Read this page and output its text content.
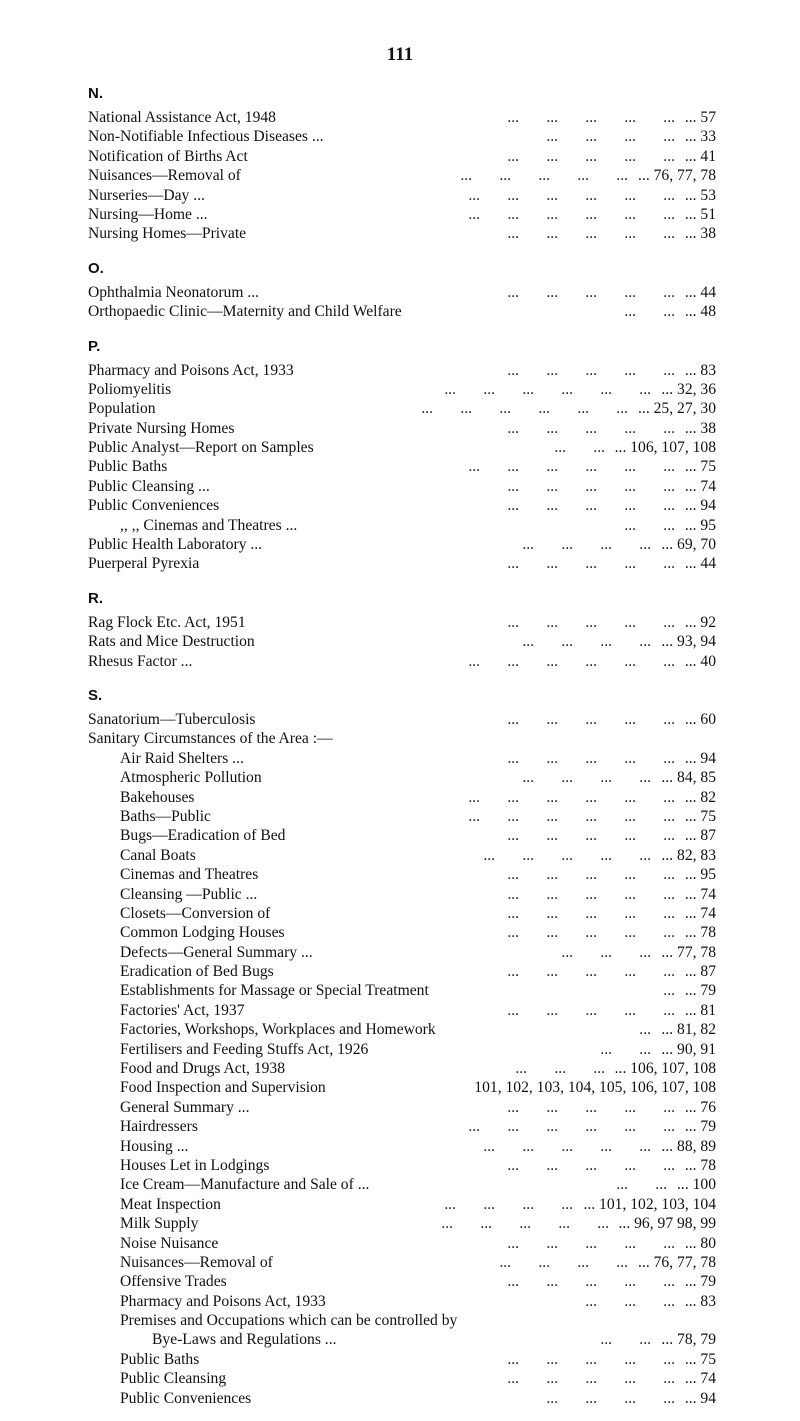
111
N.
National Assistance Act, 1948	... 57
...       ...       ...       ...       ...
Non-Notifiable Infectious Diseases ...	... 33
...       ...       ...       ...
Notification of Births Act	... 41
...       ...       ...       ...       ...
Nuisances—Removal of	... 76, 77, 78
...       ...       ...       ...       ...
Nurseries—Day ...	... 53
...       ...       ...       ...       ...       ...
Nursing—Home ...	... 51
...       ...       ...       ...       ...       ...
Nursing Homes—Private	... 38
...       ...       ...       ...       ...
O.
Ophthalmia Neonatorum ...	... 44
...       ...       ...       ...       ...
Orthopaedic Clinic—Maternity and Child Welfare	... 48
...       ...
P.
Pharmacy and Poisons Act, 1933	... 83
...       ...       ...       ...       ...
Poliomyelitis	... 32, 36
...       ...       ...       ...       ...       ...
Population	... 25, 27, 30
...       ...       ...       ...       ...       ...
Private Nursing Homes	... 38
...       ...       ...       ...       ...
Public Analyst—Report on Samples	... 106, 107, 108
...       ...
Public Baths	... 75
...       ...       ...       ...       ...       ...
Public Cleansing ...	... 74
...       ...       ...       ...       ...
Public Conveniences	... 94
...       ...       ...       ...       ...
,, ,, Cinemas and Theatres ...	... 95
...       ...
Public Health Laboratory ...	... 69, 70
...       ...       ...       ...
Puerperal Pyrexia	... 44
...       ...       ...       ...       ...
R.
Rag Flock Etc. Act, 1951	... 92
...       ...       ...       ...       ...
Rats and Mice Destruction	... 93, 94
...       ...       ...       ...
Rhesus Factor ...	... 40
...       ...       ...       ...       ...       ...
S.
Sanatorium—Tuberculosis	... 60
...       ...       ...       ...       ...
Sanitary Circumstances of the Area :—
Air Raid Shelters ...	... 94
...       ...       ...       ...       ...
Atmospheric Pollution	... 84, 85
...       ...       ...       ...
Bakehouses	... 82
...       ...       ...       ...       ...       ...
Baths—Public	... 75
...       ...       ...       ...       ...       ...
Bugs—Eradication of Bed	... 87
...       ...       ...       ...       ...
Canal Boats	... 82, 83
...       ...       ...       ...       ...
Cinemas and Theatres	... 95
...       ...       ...       ...       ...
Cleansing —Public ...	... 74
...       ...       ...       ...       ...
Closets—Conversion of	... 74
...       ...       ...       ...       ...
Common Lodging Houses	... 78
...       ...       ...       ...       ...
Defects—General Summary ...	... 77, 78
...       ...       ...
Eradication of Bed Bugs	... 87
...       ...       ...       ...       ...
Establishments for Massage or Special Treatment	... 79
...
Factories' Act, 1937	... 81
...       ...       ...       ...       ...
Factories, Workshops, Workplaces and Homework	... 81, 82
...
Fertilisers and Feeding Stuffs Act, 1926	... 90, 91
...       ...
Food and Drugs Act, 1938	... 106, 107, 108
...       ...       ...
Food Inspection and Supervision	101, 102, 103, 104, 105, 106, 107, 108
General Summary ...	... 76
...       ...       ...       ...       ...
Hairdressers	... 79
...       ...       ...       ...       ...       ...
Housing ...	... 88, 89
...       ...       ...       ...       ...
Houses Let in Lodgings	... 78
...       ...       ...       ...       ...
Ice Cream—Manufacture and Sale of ...	... 100
...       ...
Meat Inspection	... 101, 102, 103, 104
...       ...       ...       ...
Milk Supply	... 96, 97 98, 99
...       ...       ...       ...       ...
Noise Nuisance	... 80
...       ...       ...       ...       ...
Nuisances—Removal of	... 76, 77, 78
...       ...       ...       ...
Offensive Trades	... 79
...       ...       ...       ...       ...
Pharmacy and Poisons Act, 1933	... 83
...       ...       ...
Premises and Occupations which can be controlled by
Bye-Laws and Regulations ...	... 78, 79
...       ...
Public Baths	... 75
...       ...       ...       ...       ...
Public Cleansing	... 74
...       ...       ...       ...       ...
Public Conveniences	... 94
...       ...       ...       ...
